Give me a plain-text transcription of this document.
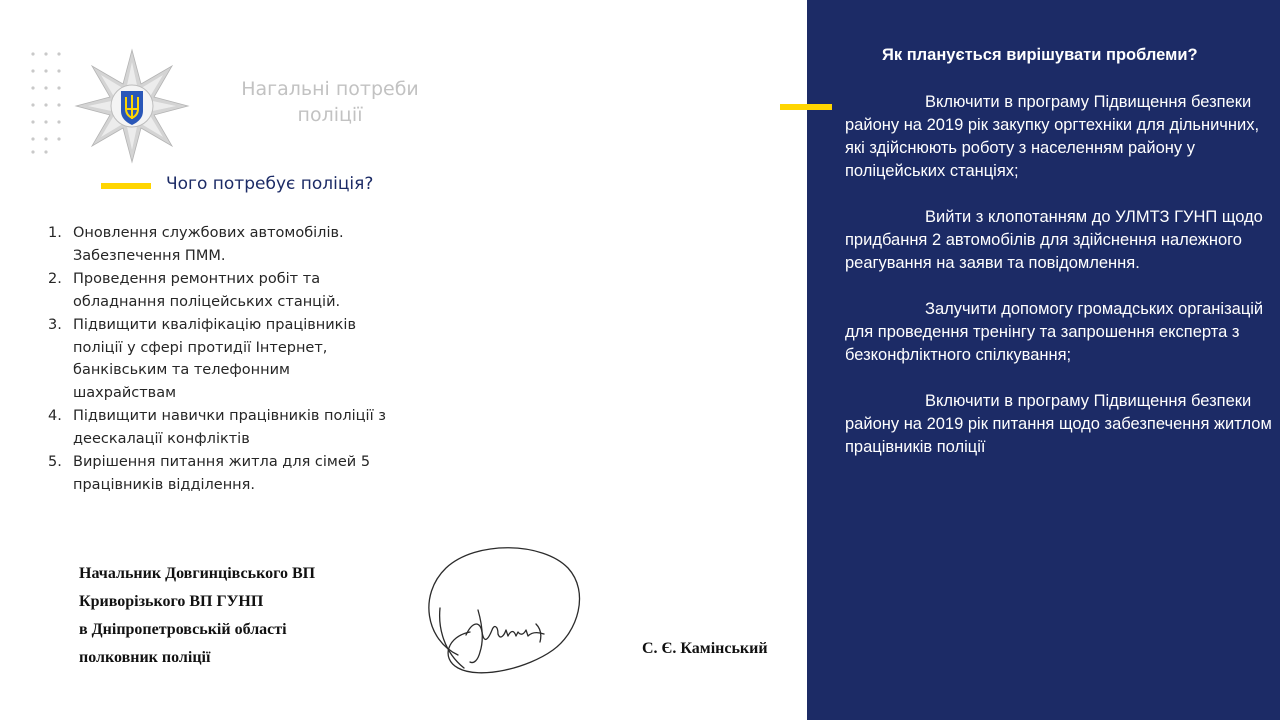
Нагальні потреби поліції
Чого потребує поліція?
1. Оновлення службових автомобілів. Забезпечення ПММ.
2. Проведення ремонтних робіт та обладнання поліцейських станцій.
3. Підвищити кваліфікацію працівників поліції у сфері протидії Інтернет, банківським та телефонним шахрайствам
4. Підвищити навички працівників поліції з деескалації конфліктів
5. Вирішення питання житла для сімей 5 працівників відділення.
Начальник Довгинцівського ВП
Криворізького ВП ГУНП
в Дніпропетровській області
полковник поліції
С. Є. Камінський
Як планується вирішувати проблеми?

Включити в програму Підвищення безпеки району на 2019 рік закупку оргтехніки для дільничних, які здійснюють роботу з населенням району у поліцейських станціях;

Вийти з клопотанням до УЛМТЗ ГУНП щодо придбання 2 автомобілів для здійснення належного реагування на заяви та повідомлення.

Залучити допомогу громадських організацій для проведення тренінгу та запрошення експерта з безконфліктного спілкування;

Включити в програму Підвищення безпеки району на 2019 рік питання щодо забезпечення житлом працівників поліції
